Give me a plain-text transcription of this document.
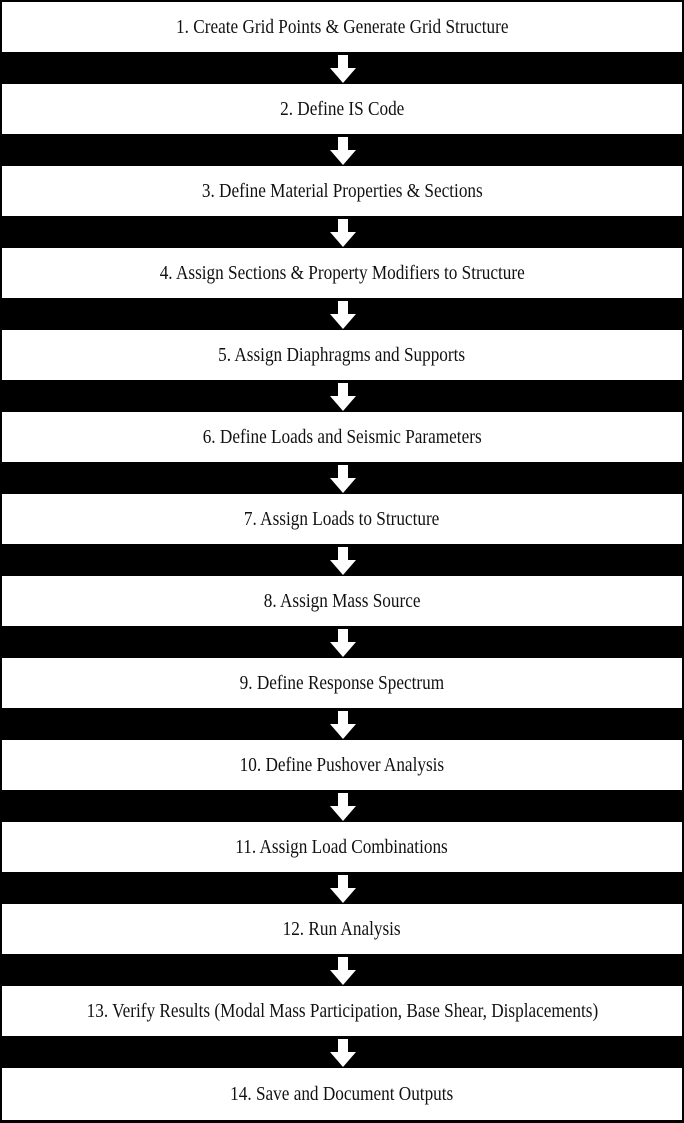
1. Create Grid Points & Generate Grid Structure
2. Define IS Code
3. Define Material Properties & Sections
4. Assign Sections & Property Modifiers to Structure
5. Assign Diaphragms and Supports
6. Define Loads and Seismic Parameters
7. Assign Loads to Structure
8. Assign Mass Source
9. Define Response Spectrum
10. Define Pushover Analysis
11. Assign Load Combinations
12. Run Analysis
13. Verify Results (Modal Mass Participation, Base Shear, Displacements)
14. Save and Document Outputs
